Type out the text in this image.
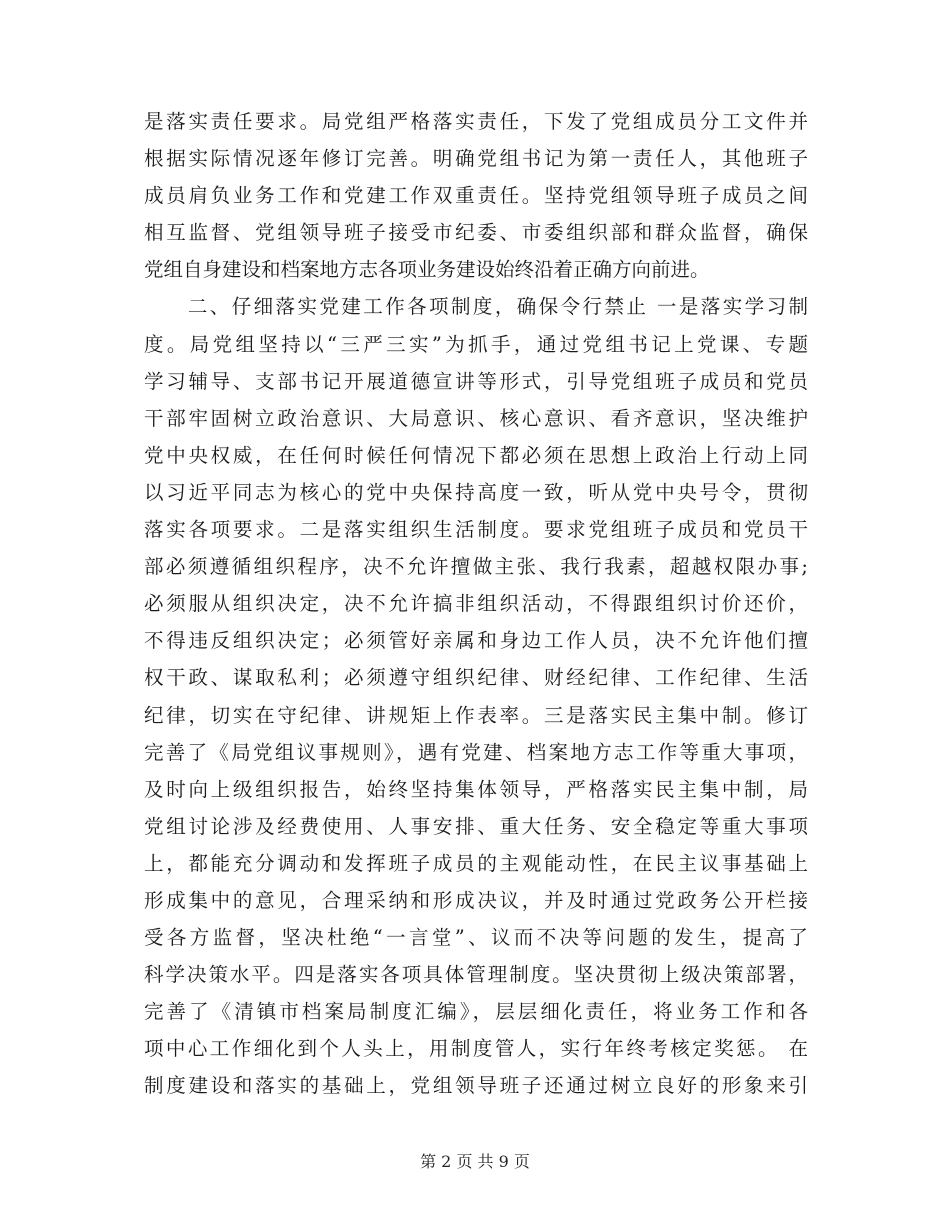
是落实责任要求。局党组严格落实责任，下发了党组成员分工文件并
根据实际情况逐年修订完善。明确党组书记为第一责任人，其他班子
成员肩负业务工作和党建工作双重责任。坚持党组领导班子成员之间
相互监督、党组领导班子接受市纪委、市委组织部和群众监督，确保
党组自身建设和档案地方志各项业务建设始终沿着正确方向前进。
　　二、仔细落实党建工作各项制度，确保令行禁止 一是落实学习制
度。局党组坚持以“三严三实”为抓手，通过党组书记上党课、专题
学习辅导、支部书记开展道德宣讲等形式，引导党组班子成员和党员
干部牢固树立政治意识、大局意识、核心意识、看齐意识，坚决维护
党中央权威，在任何时候任何情况下都必须在思想上政治上行动上同
以习近平同志为核心的党中央保持高度一致，听从党中央号令，贯彻
落实各项要求。二是落实组织生活制度。要求党组班子成员和党员干
部必须遵循组织程序，决不允许擅做主张、我行我素，超越权限办事;
必须服从组织决定，决不允许搞非组织活动，不得跟组织讨价还价，
不得违反组织决定；必须管好亲属和身边工作人员，决不允许他们擅
权干政、谋取私利；必须遵守组织纪律、财经纪律、工作纪律、生活
纪律，切实在守纪律、讲规矩上作表率。三是落实民主集中制。修订
完善了《局党组议事规则》，遇有党建、档案地方志工作等重大事项，
及时向上级组织报告，始终坚持集体领导，严格落实民主集中制，局
党组讨论涉及经费使用、人事安排、重大任务、安全稳定等重大事项
上，都能充分调动和发挥班子成员的主观能动性，在民主议事基础上
形成集中的意见，合理采纳和形成决议，并及时通过党政务公开栏接
受各方监督，坚决杜绝“一言堂”、议而不决等问题的发生，提高了
科学决策水平。四是落实各项具体管理制度。坚决贯彻上级决策部署，
完善了《清镇市档案局制度汇编》，层层细化责任，将业务工作和各
项中心工作细化到个人头上，用制度管人，实行年终考核定奖惩。 在
制度建设和落实的基础上，党组领导班子还通过树立良好的形象来引
第 2 页 共 9 页
